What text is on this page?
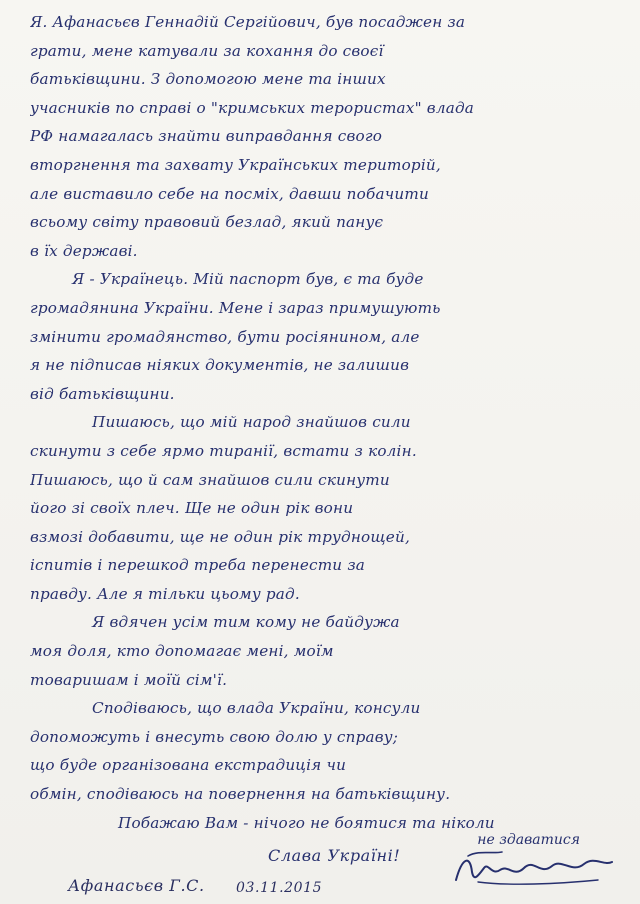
Я. Афанасьєв Геннадій Сергійович, був посаджен за
грати, мене катували за кохання до своєї
батьківщини. З допомогою мене та інших
учасників по справі о "кримських терористах" влада
РФ намагалась знайти виправдання свого
вторгнення та захвату Українських територій,
але виставило себе на посміх, давши побачити
всьому світу правовий безлад, який панує
в їх державі.
Я - Українець. Мій паспорт був, є та буде
громадянина України. Мене і зараз примушують
змінити громадянство, бути росіянином, але
я не підписав ніяких документів, не залишив
від батьківщини.
Пишаюсь, що мій народ знайшов сили
скинути з себе ярмо тиранії, встати з колін.
Пишаюсь, що й сам знайшов сили скинути
його зі своїх плеч. Ще не один рік вони
взмозі добавити, ще не один рік труднощей,
іспитів і перешкод треба перенести за
правду. Але я тільки цьому рад.
Я вдячен усім тим кому не байдужа
моя доля, кто допомагає мені, моїм
товаришам і моїй сім'ї.
Сподіваюсь, що влада України, консули
допоможуть і внесуть свою долю у справу;
що буде організована екстрадиція чи
обмін, сподіваюсь на повернення на батьківщину.
Побажаю Вам - нічого не боятися та ніколи
не здаватися
Слава Україні!
Афанасьєв Г.С. 03.11.2015
